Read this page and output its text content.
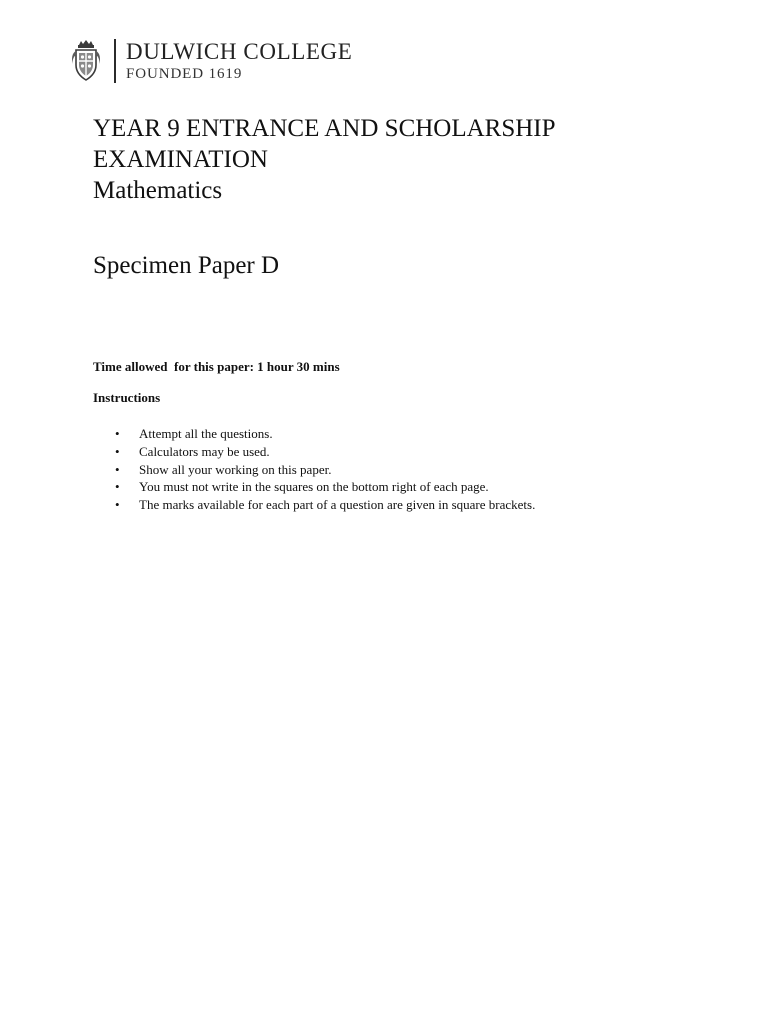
DULWICH COLLEGE
FOUNDED 1619
YEAR 9 ENTRANCE AND SCHOLARSHIP
EXAMINATION
Mathematics
Specimen Paper D
Time allowed  for this paper: 1 hour 30 mins
Instructions
• Attempt all the questions.
• Calculators may be used.
• Show all your working on this paper.
• You must not write in the squares on the bottom right of each page.
• The marks available for each part of a question are given in square brackets.
